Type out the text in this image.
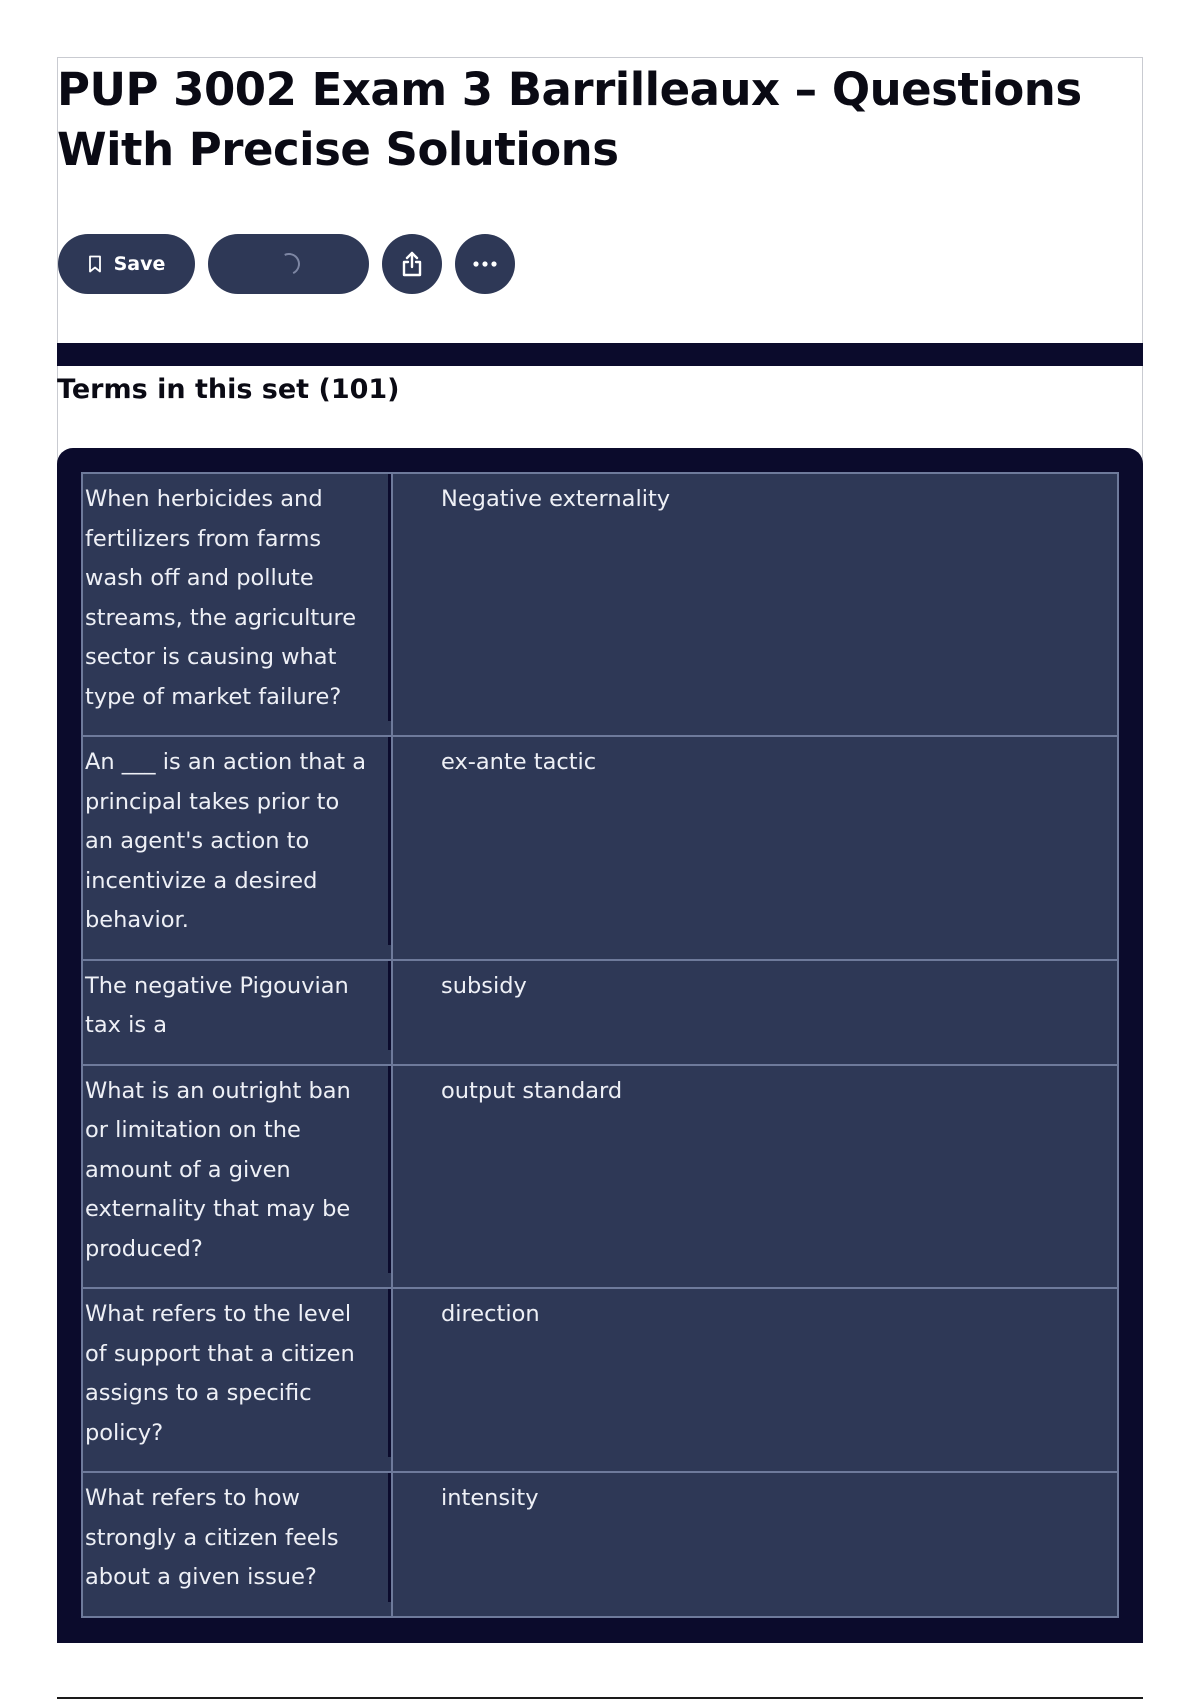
PUP 3002 Exam 3 Barrilleaux – Questions With Precise Solutions
Save
Terms in this set (101)
When herbicides and fertilizers from farms wash off and pollute streams, the agriculture sector is causing what type of market failure?	Negative externality

An ___ is an action that a principal takes prior to an agent's action to incentivize a desired behavior.	ex-ante tactic

The negative Pigouvian tax is a	subsidy

What is an outright ban or limitation on the amount of a given externality that may be produced?	output standard

What refers to the level of support that a citizen assigns to a specific policy?	direction

What refers to how strongly a citizen feels about a given issue?	intensity
